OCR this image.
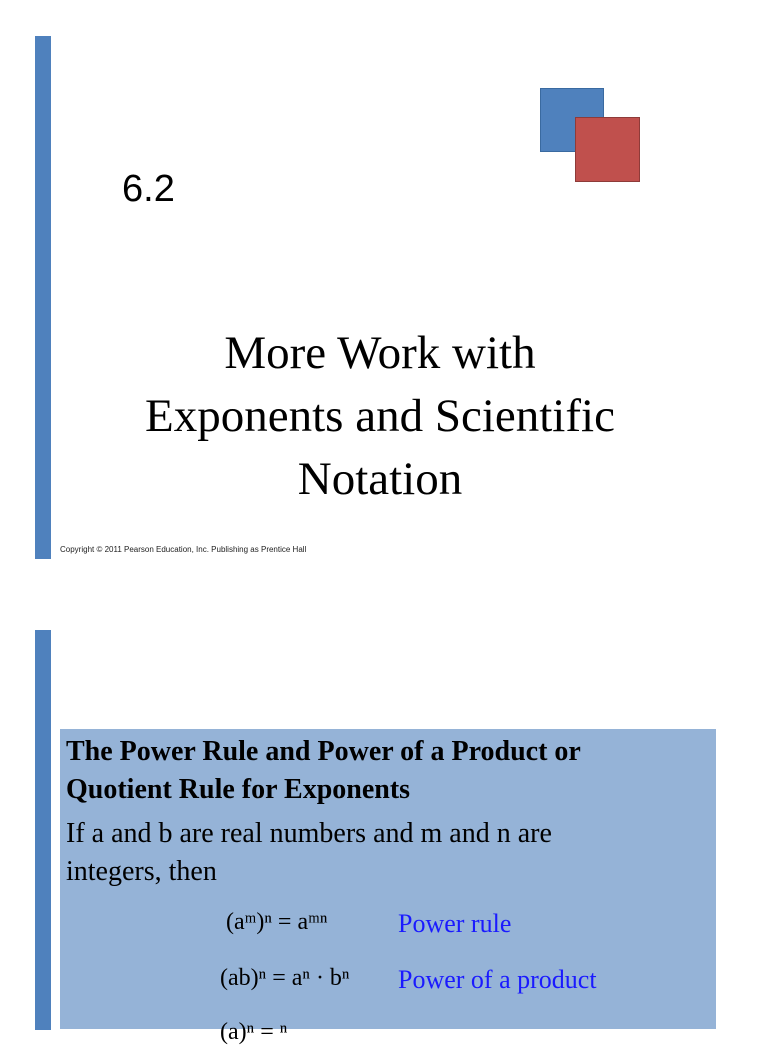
6.2
More Work with
Exponents and Scientific
Notation
Copyright © 2011 Pearson Education, Inc. Publishing as Prentice Hall
The Power Rule and Power of a Product or
Quotient Rule for Exponents
If a and b are real numbers and m and n are
integers, then
(aᵐ)ⁿ = aᵐⁿ	Power rule
(ab)ⁿ = aⁿ · bⁿ Power of a product
(a)ⁿ = ⁿ
